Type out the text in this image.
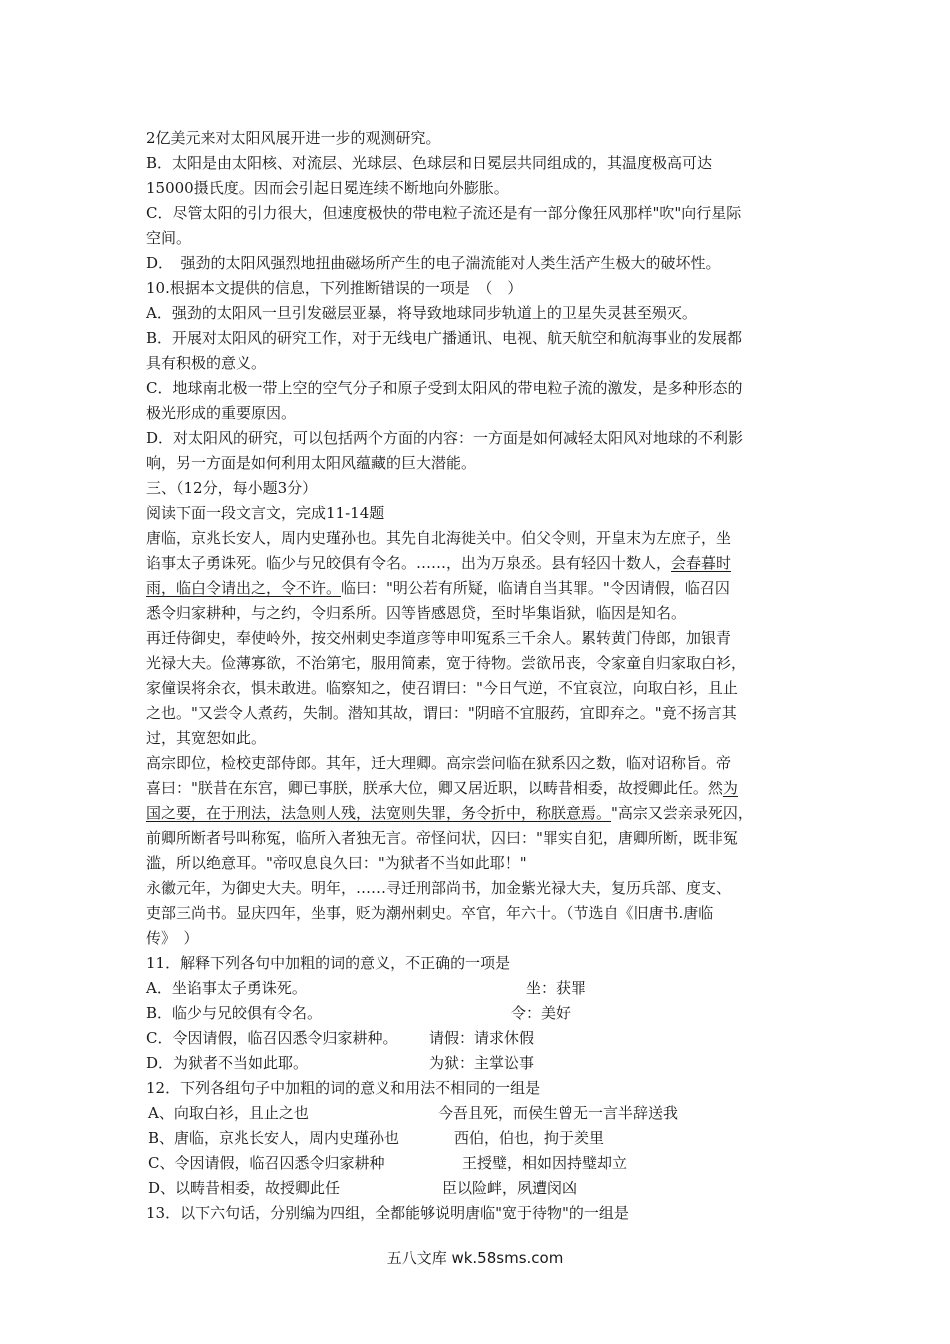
2亿美元来对太阳风展开进一步的观测研究。
B．太阳是由太阳核、对流层、光球层、色球层和日冕层共同组成的，其温度极高可达
15000摄氏度。因而会引起日冕连续不断地向外膨胀。
C．尽管太阳的引力很大，但速度极快的带电粒子流还是有一部分像狂风那样"吹"向行星际
空间。
D．　强劲的太阳风强烈地扭曲磁场所产生的电子湍流能对人类生活产生极大的破坏性。
10.根据本文提供的信息，下列推断错误的一项是　（　）
A．强劲的太阳风一旦引发磁层亚暴，将导致地球同步轨道上的卫星失灵甚至殒灭。
B．开展对太阳风的研究工作，对于无线电广播通讯、电视、航天航空和航海事业的发展都
具有积极的意义。
C．地球南北极一带上空的空气分子和原子受到太阳风的带电粒子流的激发，是多种形态的
极光形成的重要原因。
D．对太阳风的研究，可以包括两个方面的内容：一方面是如何减轻太阳风对地球的不利影
响，另一方面是如何利用太阳风蕴藏的巨大潜能。
三、（12分，每小题3分）
阅读下面一段文言文，完成11-14题
唐临，京兆长安人，周内史瑾孙也。其先自北海徙关中。伯父令则，开皇末为左庶子，坐
谄事太子勇诛死。临少与兄皎俱有令名。……，出为万泉丞。县有轻囚十数人，会春暮时
雨，临白令请出之，令不许。临曰："明公若有所疑，临请自当其罪。"令因请假，临召囚
悉令归家耕种，与之约，令归系所。囚等皆感恩贷，至时毕集诣狱，临因是知名。
再迁侍御史，奉使岭外，按交州刺史李道彦等申叩冤系三千余人。累转黄门侍郎，加银青
光禄大夫。俭薄寡欲，不治第宅，服用简素，宽于待物。尝欲吊丧，令家童自归家取白衫，
家僮误将余衣，惧未敢进。临察知之，使召谓曰："今日气逆，不宜哀泣，向取白衫，且止
之也。"又尝令人煮药，失制。潜知其故，谓曰："阴暗不宜服药，宜即弃之。"竟不扬言其
过，其宽恕如此。
高宗即位，检校吏部侍郎。其年，迁大理卿。高宗尝问临在狱系囚之数，临对诏称旨。帝
喜曰："朕昔在东宫，卿已事朕，朕承大位，卿又居近职，以畴昔相委，故授卿此任。然为
国之要，在于刑法，法急则人残，法宽则失罪，务令折中，称朕意焉。"高宗又尝亲录死囚，
前卿所断者号叫称冤，临所入者独无言。帝怪问状，囚曰："罪实自犯，唐卿所断，既非冤
滥，所以绝意耳。"帝叹息良久曰："为狱者不当如此耶！"
永徽元年，为御史大夫。明年，……寻迁刑部尚书，加金紫光禄大夫，复历兵部、度支、
吏部三尚书。显庆四年，坐事，贬为潮州刺史。卒官，年六十。（节选自《旧唐书.唐临
传》　）
11．解释下列各句中加粗的词的意义，不正确的一项是
A．坐谄事太子勇诛死。	坐：获罪
B．临少与兄皎俱有令名。	令：美好
C．令因请假，临召囚悉令归家耕种。 请假：请求休假
D．为狱者不当如此耶。	为狱：主掌讼事
12．下列各组句子中加粗的词的意义和用法不相同的一组是
A、向取白衫，且止之也	今吾且死，而侯生曾无一言半辞送我
B、唐临，京兆长安人，周内史瑾孙也	西伯，伯也，拘于羑里
C、令因请假，临召囚悉令归家耕种	王授璧，相如因持璧却立
D、以畴昔相委，故授卿此任	臣以险衅，夙遭闵凶
13．以下六句话，分别编为四组，全都能够说明唐临"宽于待物"的一组是
五八文库 wk.58sms.com
